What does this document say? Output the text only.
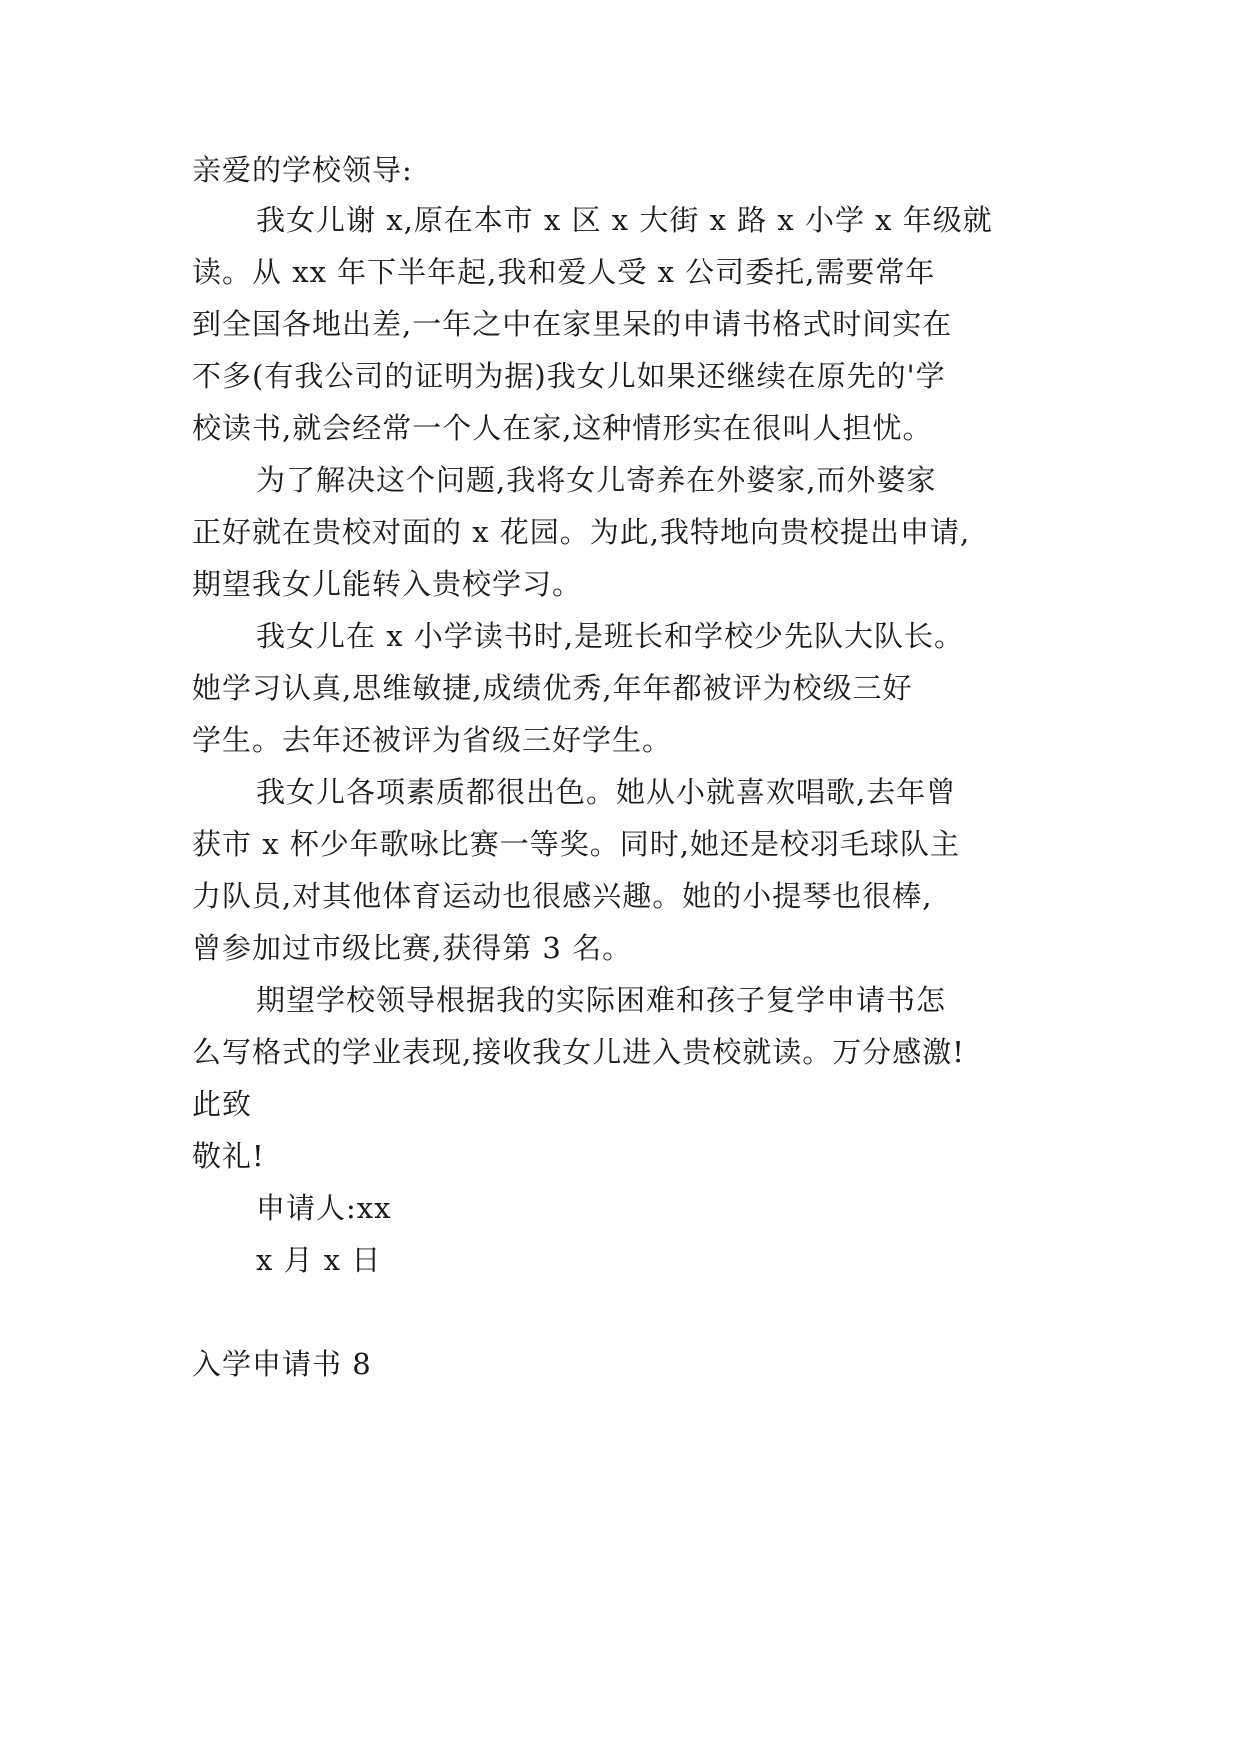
亲爱的学校领导:
我女儿谢 x,原在本市 x 区 x 大街 x 路 x 小学 x 年级就
读。从 xx 年下半年起,我和爱人受 x 公司委托,需要常年
到全国各地出差,一年之中在家里呆的申请书格式时间实在
不多(有我公司的证明为据)我女儿如果还继续在原先的'学
校读书,就会经常一个人在家,这种情形实在很叫人担忧。
为了解决这个问题,我将女儿寄养在外婆家,而外婆家
正好就在贵校对面的 x 花园。为此,我特地向贵校提出申请,
期望我女儿能转入贵校学习。
我女儿在 x 小学读书时,是班长和学校少先队大队长。
她学习认真,思维敏捷,成绩优秀,年年都被评为校级三好
学生。去年还被评为省级三好学生。
我女儿各项素质都很出色。她从小就喜欢唱歌,去年曾
获市 x 杯少年歌咏比赛一等奖。同时,她还是校羽毛球队主
力队员,对其他体育运动也很感兴趣。她的小提琴也很棒,
曾参加过市级比赛,获得第 3 名。
期望学校领导根据我的实际困难和孩子复学申请书怎
么写格式的学业表现,接收我女儿进入贵校就读。万分感激!
此致
敬礼!
申请人:xx
x 月 x 日
入学申请书 8
